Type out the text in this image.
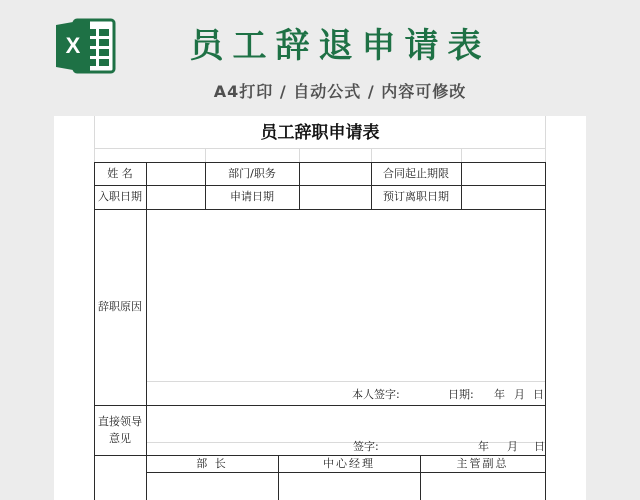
X	员工辞退申请表
A4打印 / 自动公式 / 内容可修改
员工辞职申请表
姓 名	部门/职务	合同起止期限
入职日期	申请日期	预订离职日期
辞职原因
本人签字:	日期: 年 月 日
直接领导
意见
签字:	年 月 日
部 长	中心经理	主管副总
